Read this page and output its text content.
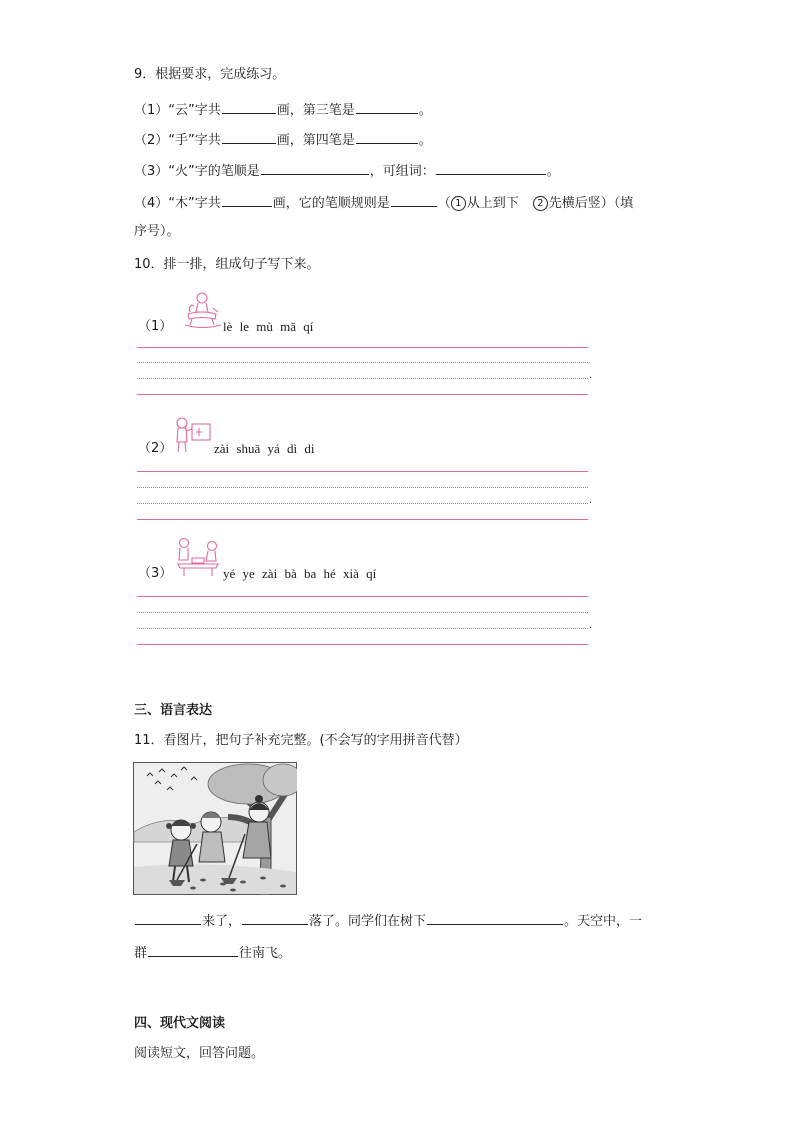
9．根据要求，完成练习。
（1）“云”字共	画，第三笔是	。
（2）“手”字共	画，第四笔是	。
（3）“火”字的笔顺是	，可组词：	。
（4）“木”字共	画，它的笔顺规则是	（ 1 从上到下 2 先横后竖）（填
序号）。
10．排一排，组成句子写下来。
（1）	lè le mù mǎ qí
.
（2）	zài shuā yá dì di
.
（3）	yé ye zài bà ba hé xià qí
.
三、语言表达
11．看图片，把句子补充完整。(不会写的字用拼音代替）
来了，	落了。同学们在树下	。天空中，一
群	往南飞。
四、现代文阅读
阅读短文，回答问题。
